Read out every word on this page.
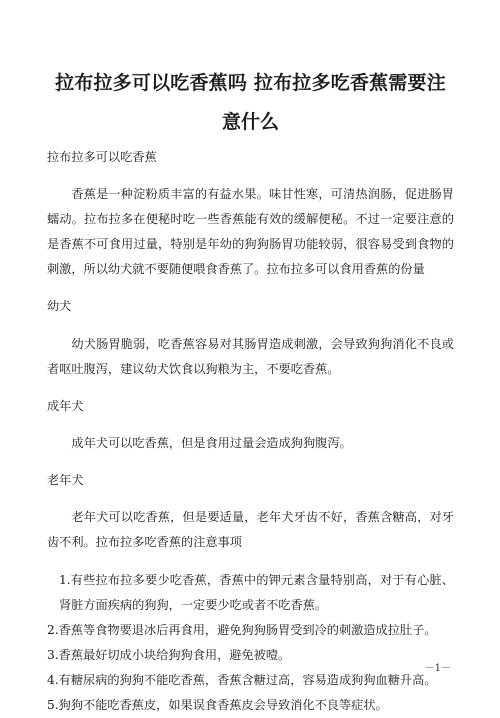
拉布拉多可以吃香蕉吗 拉布拉多吃香蕉需要注
意什么

拉布拉多可以吃香蕉

香蕉是一种淀粉质丰富的有益水果。味甘性寒，可清热润肠，促进肠胃蠕动。拉布拉多在便秘时吃一些香蕉能有效的缓解便秘。不过一定要注意的是香蕉不可食用过量，特别是年幼的狗狗肠胃功能较弱，很容易受到食物的刺激，所以幼犬就不要随便喂食香蕉了。拉布拉多可以食用香蕉的份量

幼犬

幼犬肠胃脆弱，吃香蕉容易对其肠胃造成刺激，会导致狗狗消化不良或者呕吐腹泻，建议幼犬饮食以狗粮为主，不要吃香蕉。

成年犬

成年犬可以吃香蕉，但是食用过量会造成狗狗腹泻。

老年犬

老年犬可以吃香蕉，但是要适量，老年犬牙齿不好，香蕉含糖高，对牙齿不利。拉布拉多吃香蕉的注意事项

1.有些拉布拉多要少吃香蕉，香蕉中的钾元素含量特别高，对于有心脏、肾脏方面疾病的狗狗，一定要少吃或者不吃香蕉。

2.香蕉等食物要退冰后再食用，避免狗狗肠胃受到冷的刺激造成拉肚子。

3.香蕉最好切成小块给狗狗食用，避免被噎。

4.有糖尿病的狗狗不能吃香蕉，香蕉含糖过高，容易造成狗狗血糖升高。

5.狗狗不能吃香蕉皮，如果误食香蕉皮会导致消化不良等症状。

－1－
